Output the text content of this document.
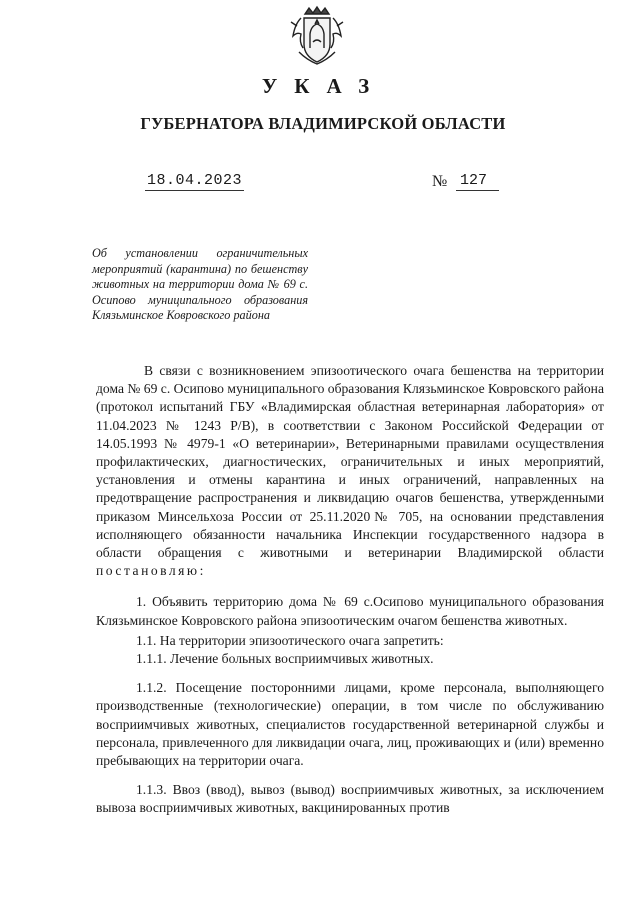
УКАЗ
ГУБЕРНАТОРА ВЛАДИМИРСКОЙ ОБЛАСТИ
18.04.2023	№ 127
Об установлении ограничительных мероприятий (карантина) по бешенству животных на территории дома № 69 с. Осипово муниципального образования Клязьминское Ковровского района

В связи с возникновением эпизоотического очага бешенства на территории дома № 69 с. Осипово муниципального образования Клязьминское Ковровского района (протокол испытаний ГБУ «Владимирская областная ветеринарная лаборатория» от 11.04.2023 № 1243 Р/В), в соответствии с Законом Российской Федерации от 14.05.1993 № 4979-1 «О ветеринарии», Ветеринарными правилами осуществления профилактических, диагностических, ограничительных и иных мероприятий, установления и отмены карантина и иных ограничений, направленных на предотвращение распространения и ликвидацию очагов бешенства, утвержденными приказом Минсельхоза России от 25.11.2020№ 705, на основании представления исполняющего обязанности начальника Инспекции государственного надзора в области обращения с животными и ветеринарии Владимирской области постановляю:

1. Объявить территорию дома № 69 с.Осипово муниципального образования Клязьминское Ковровского района эпизоотическим очагом бешенства животных.

1.1. На территории эпизоотического очага запретить:

1.1.1. Лечение больных восприимчивых животных.

1.1.2. Посещение посторонними лицами, кроме персонала, выполняющего производственные (технологические) операции, в том числе по обслуживанию восприимчивых животных, специалистов государственной ветеринарной службы и персонала, привлеченного для ликвидации очага, лиц, проживающих и (или) временно пребывающих на территории очага.

1.1.3. Ввоз (ввод), вывоз (вывод) восприимчивых животных, за исключением вывоза восприимчивых животных, вакцинированных против
